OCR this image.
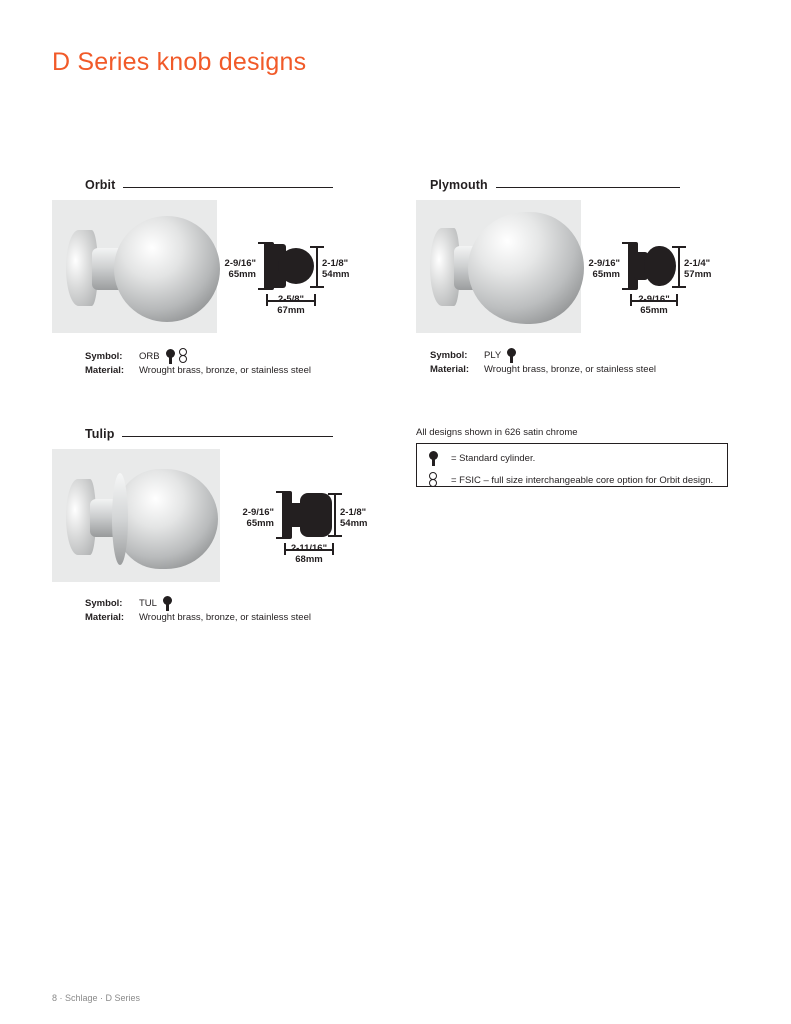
D Series knob designs
Orbit
2-9/16"
65mm
2-1/8"
54mm
2-5/8"
67mm
Symbol:	ORB
Material:	Wrought brass, bronze, or stainless steel
Plymouth
2-9/16"
65mm
2-1/4"
57mm
2-9/16"
65mm
Symbol:	PLY
Material:	Wrought brass, bronze, or stainless steel
Tulip
2-9/16"
65mm
2-1/8"
54mm
2-11/16"
68mm
Symbol:	TUL
Material:	Wrought brass, bronze, or stainless steel
All designs shown in 626 satin chrome
= Standard cylinder.
= FSIC – full size interchangeable core option for Orbit design.
8 · Schlage · D Series
